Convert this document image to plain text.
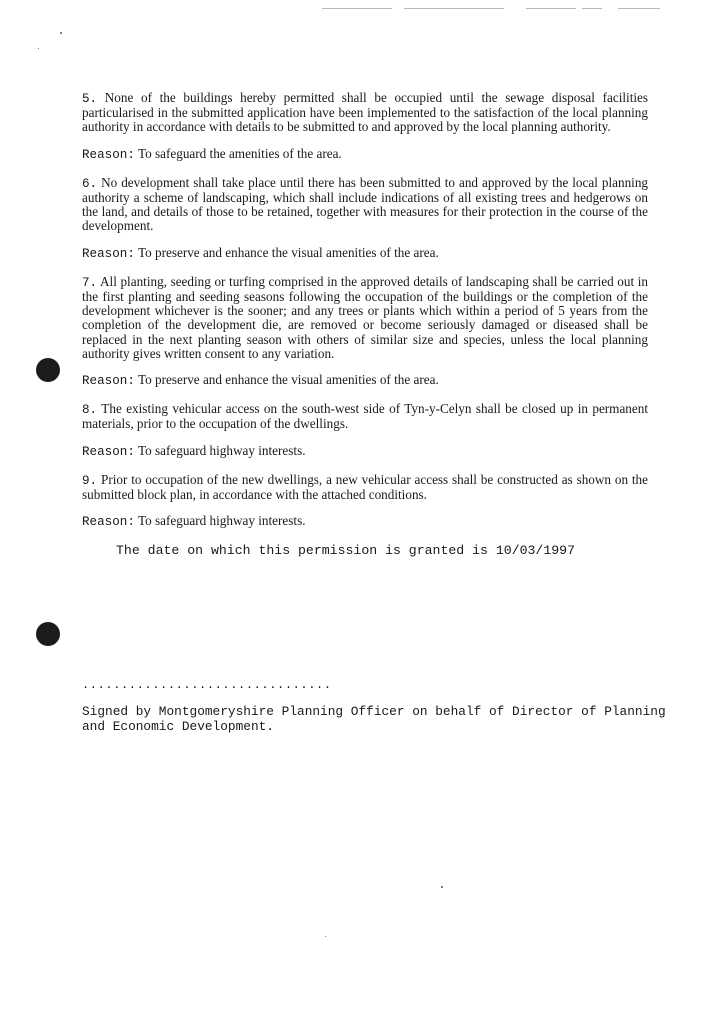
5. None of the buildings hereby permitted shall be occupied until the sewage disposal facilities particularised in the submitted application have been implemented to the satisfaction of the local planning authority in accordance with details to be submitted to and approved by the local planning authority.

Reason: To safeguard the amenities of the area.

6. No development shall take place until there has been submitted to and approved by the local planning authority a scheme of landscaping, which shall include indications of all existing trees and hedgerows on the land, and details of those to be retained, together with measures for their protection in the course of the development.

Reason: To preserve and enhance the visual amenities of the area.

7. All planting, seeding or turfing comprised in the approved details of landscaping shall be carried out in the first planting and seeding seasons following the occupation of the buildings or the completion of the development whichever is the sooner; and any trees or plants which within a period of 5 years from the completion of the development die, are removed or become seriously damaged or diseased shall be replaced in the next planting season with others of similar size and species, unless the local planning authority gives written consent to any variation.

Reason: To preserve and enhance the visual amenities of the area.

8. The existing vehicular access on the south-west side of Tyn-y-Celyn shall be closed up in permanent materials, prior to the occupation of the dwellings.

Reason: To safeguard highway interests.

9. Prior to occupation of the new dwellings, a new vehicular access shall be constructed as shown on the submitted block plan, in accordance with the attached conditions.

Reason: To safeguard highway interests.

The date on which this permission is granted is 10/03/1997

................................
Signed by Montgomeryshire Planning Officer on behalf of Director of Planning and Economic Development.
